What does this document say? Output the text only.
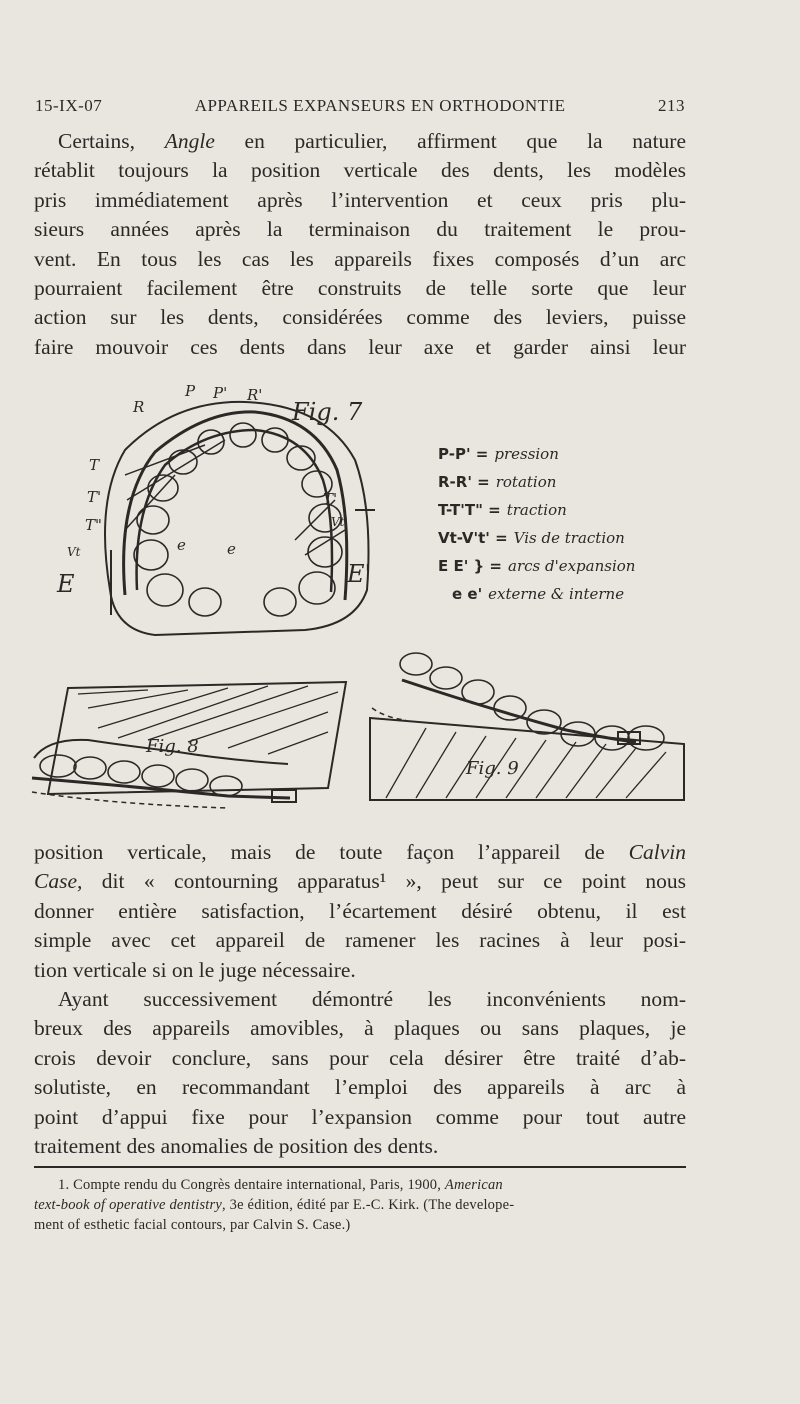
15-IX-07	APPAREILS EXPANSEURS EN ORTHODONTIE	213
Certains, Angle en particulier, affirment que la nature
rétablit toujours la position verticale des dents, les modèles
pris immédiatement après l’intervention et ceux pris plu-
sieurs années après la terminaison du traitement le prou-
vent. En tous les cas les appareils fixes composés d’un arc
pourraient facilement être construits de telle sorte que leur
action sur les dents, considérées comme des leviers, puisse
faire mouvoir ces dents dans leur axe et garder ainsi leur
R
P P' R'
T
T'
T"
Vt	e	e
E	E'
T'
Vt'
Fig. 7
P-P' = pression
R-R' = rotation
T-T'T" = traction
Vt-V't' = Vis de traction
E E' } = arcs d'expansion
e e' externe & interne
Fig. 8
Fig. 9
position verticale, mais de toute façon l’appareil de Calvin
Case, dit « contourning apparatus¹ », peut sur ce point nous
donner entière satisfaction, l’écartement désiré obtenu, il est
simple avec cet appareil de ramener les racines à leur posi-
tion verticale si on le juge nécessaire.
Ayant successivement démontré les inconvénients nom-
breux des appareils amovibles, à plaques ou sans plaques, je
crois devoir conclure, sans pour cela désirer être traité d’ab-
solutiste, en recommandant l’emploi des appareils à arc à
point d’appui fixe pour l’expansion comme pour tout autre
traitement des anomalies de position des dents.
1. Compte rendu du Congrès dentaire international, Paris, 1900, American
text-book of operative dentistry, 3e édition, édité par E.-C. Kirk. (The develope-
ment of esthetic facial contours, par Calvin S. Case.)
